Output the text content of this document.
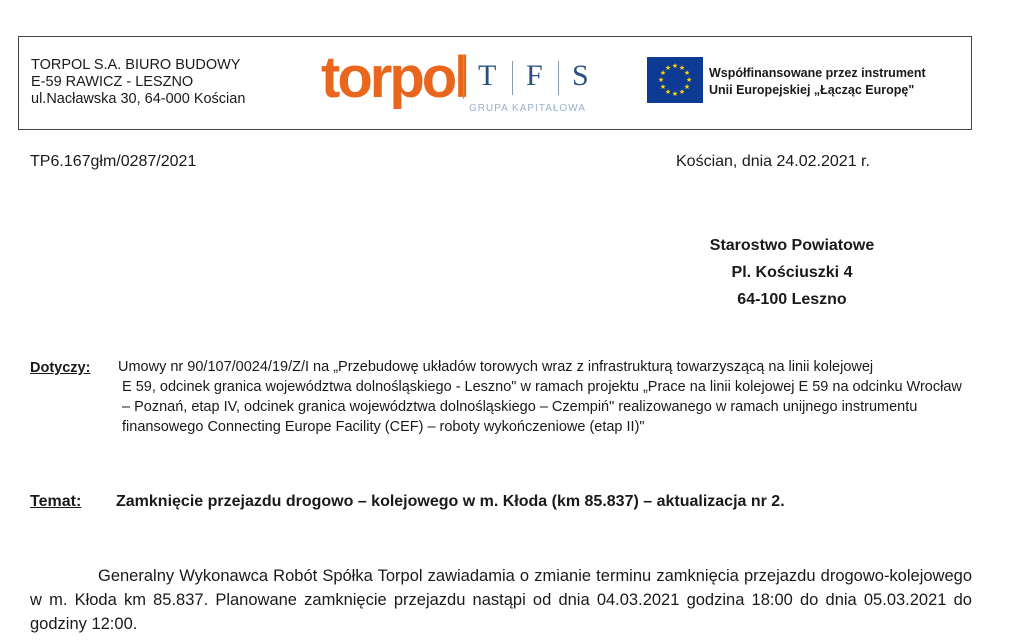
TORPOL S.A. BIURO BUDOWY
E-59 RAWICZ - LESZNO
ul.Nacławska 30, 64-000 Kościan torpol T F S
GRUPA KAPITAŁOWA
★ ★
★
★
★
★
★
★
★
★
★
★	Współfinansowane przez instrument
Unii Europejskiej „Łącząc Europę"
TP6.167głm/0287/2021	Kościan, dnia 24.02.2021 r.
Starostwo Powiatowe
Pl. Kościuszki 4
64-100 Leszno
Dotyczy: Umowy nr 90/107/0024/19/Z/I na „Przebudowę układów torowych wraz z infrastrukturą towarzyszącą na linii kolejowej
E 59, odcinek granica województwa dolnośląskiego - Leszno" w ramach projektu „Prace na linii kolejowej E 59 na odcinku Wrocław – Poznań, etap IV, odcinek granica województwa dolnośląskiego – Czempiń" realizowanego w ramach unijnego instrumentu finansowego Connecting Europe Facility (CEF) – roboty wykończeniowe (etap II)"
Temat: Zamknięcie przejazdu drogowo – kolejowego w m. Kłoda (km 85.837) – aktualizacja nr 2.
Generalny Wykonawca Robót Spółka Torpol zawiadamia o zmianie terminu zamknięcia przejazdu drogowo-kolejowego w m. Kłoda km 85.837. Planowane zamknięcie przejazdu nastąpi od dnia 04.03.2021 godzina 18:00 do dnia 05.03.2021 do godziny 12:00.
